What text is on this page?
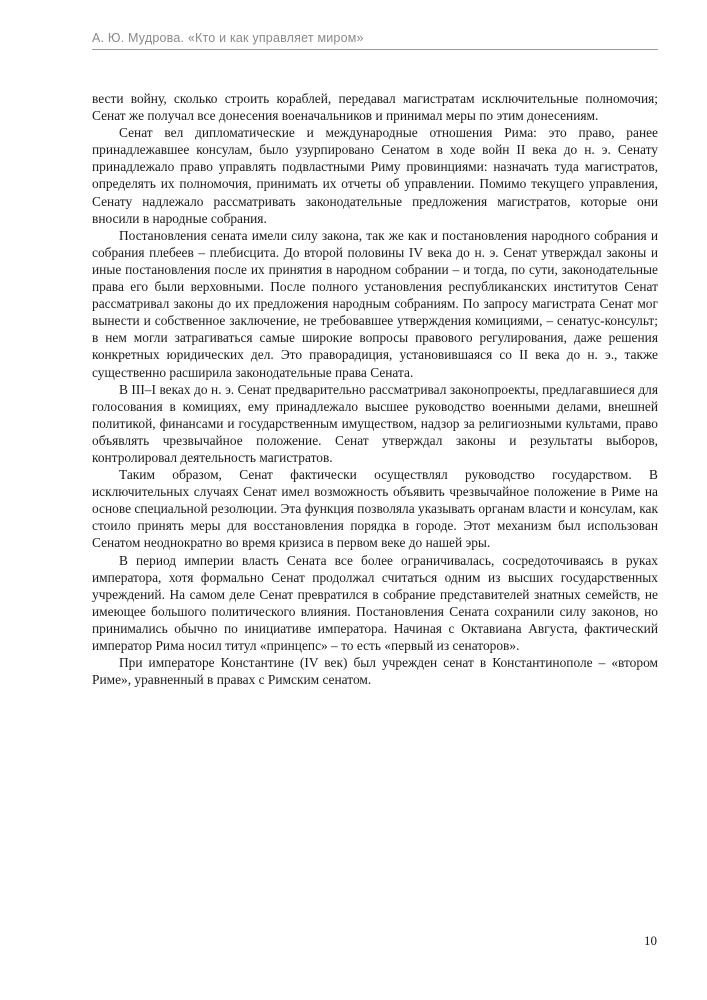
А. Ю. Мудрова. «Кто и как управляет миром»

вести войну, сколько строить кораблей, передавал магистратам исключительные полномочия; Сенат же получал все донесения военачальников и принимал меры по этим донесениям.

Сенат вел дипломатические и международные отношения Рима: это право, ранее принадлежавшее консулам, было узурпировано Сенатом в ходе войн II века до н. э. Сенату принадлежало право управлять подвластными Риму провинциями: назначать туда магистратов, определять их полномочия, принимать их отчеты об управлении. Помимо текущего управления, Сенату надлежало рассматривать законодательные предложения магистратов, которые они вносили в народные собрания.

Постановления сената имели силу закона, так же как и постановления народного собрания и собрания плебеев – плебисцита. До второй половины IV века до н. э. Сенат утверждал законы и иные постановления после их принятия в народном собрании – и тогда, по сути, законодательные права его были верховными. После полного установления республиканских институтов Сенат рассматривал законы до их предложения народным собраниям. По запросу магистрата Сенат мог вынести и собственное заключение, не требовавшее утверждения комициями, – сенатус-консульт; в нем могли затрагиваться самые широкие вопросы правового регулирования, даже решения конкретных юридических дел. Это праворадиция, установившаяся со II века до н. э., также существенно расширила законодательные права Сената.

В III–I веках до н. э. Сенат предварительно рассматривал законопроекты, предлагавшиеся для голосования в комициях, ему принадлежало высшее руководство военными делами, внешней политикой, финансами и государственным имуществом, надзор за религиозными культами, право объявлять чрезвычайное положение. Сенат утверждал законы и результаты выборов, контролировал деятельность магистратов.

Таким образом, Сенат фактически осуществлял руководство государством. В исключительных случаях Сенат имел возможность объявить чрезвычайное положение в Риме на основе специальной резолюции. Эта функция позволяла указывать органам власти и консулам, как стоило принять меры для восстановления порядка в городе. Этот механизм был использован Сенатом неоднократно во время кризиса в первом веке до нашей эры.

В период империи власть Сената все более ограничивалась, сосредоточиваясь в руках императора, хотя формально Сенат продолжал считаться одним из высших государственных учреждений. На самом деле Сенат превратился в собрание представителей знатных семейств, не имеющее большого политического влияния. Постановления Сената сохранили силу законов, но принимались обычно по инициативе императора. Начиная с Октавиана Августа, фактический император Рима носил титул «принцепс» – то есть «первый из сенаторов».

При императоре Константине (IV век) был учрежден сенат в Константинополе – «втором Риме», уравненный в правах с Римским сенатом.

10
